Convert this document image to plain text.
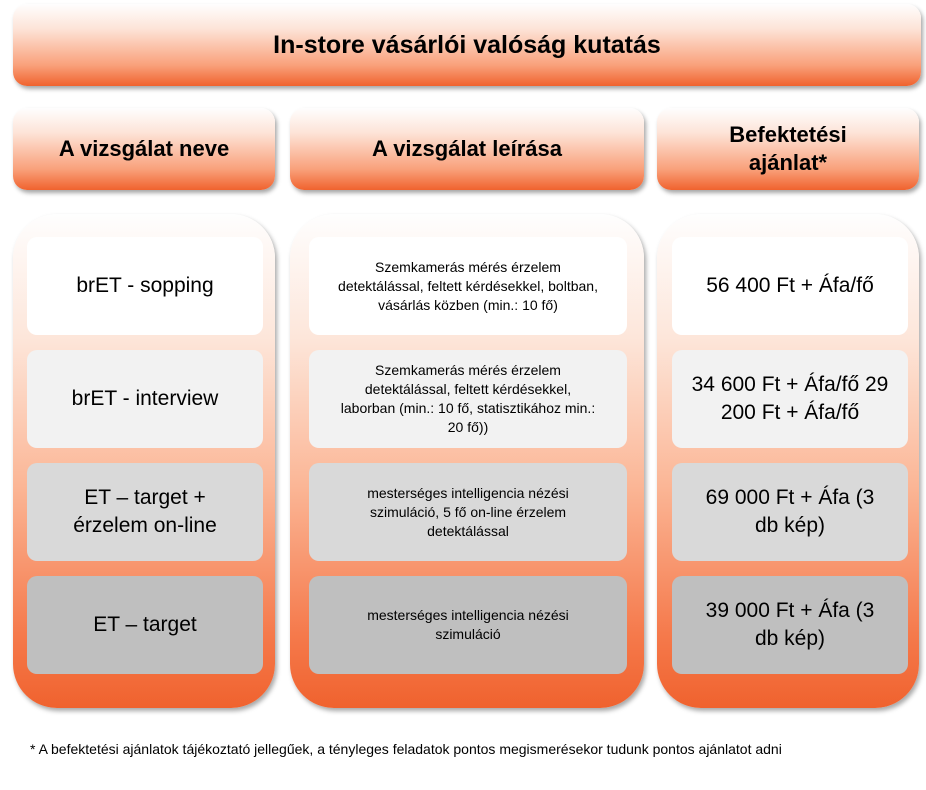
In-store vásárlói valóság kutatás
A vizsgálat neve	A vizsgálat leírása
Befektetési ajánlat*
brET - sopping
Szemkamerás mérés érzelem detektálással, feltett kérdésekkel, boltban, vásárlás közben (min.: 10 fő)
56 400 Ft + Áfa/fő
brET - interview
Szemkamerás mérés érzelem detektálással, feltett kérdésekkel, laborban (min.: 10 fő, statisztikához min.: 20 fő))
34 600 Ft + Áfa/fő 29 200 Ft + Áfa/fő
ET – target + érzelem on-line
mesterséges intelligencia nézési szimuláció, 5 fő on-line érzelem detektálással
69 000 Ft + Áfa (3 db kép)
ET – target	mesterséges intelligencia nézési szimuláció
39 000 Ft + Áfa (3 db kép)
* A befektetési ajánlatok tájékoztató jellegűek, a tényleges feladatok pontos megismerésekor tudunk pontos ajánlatot adni
